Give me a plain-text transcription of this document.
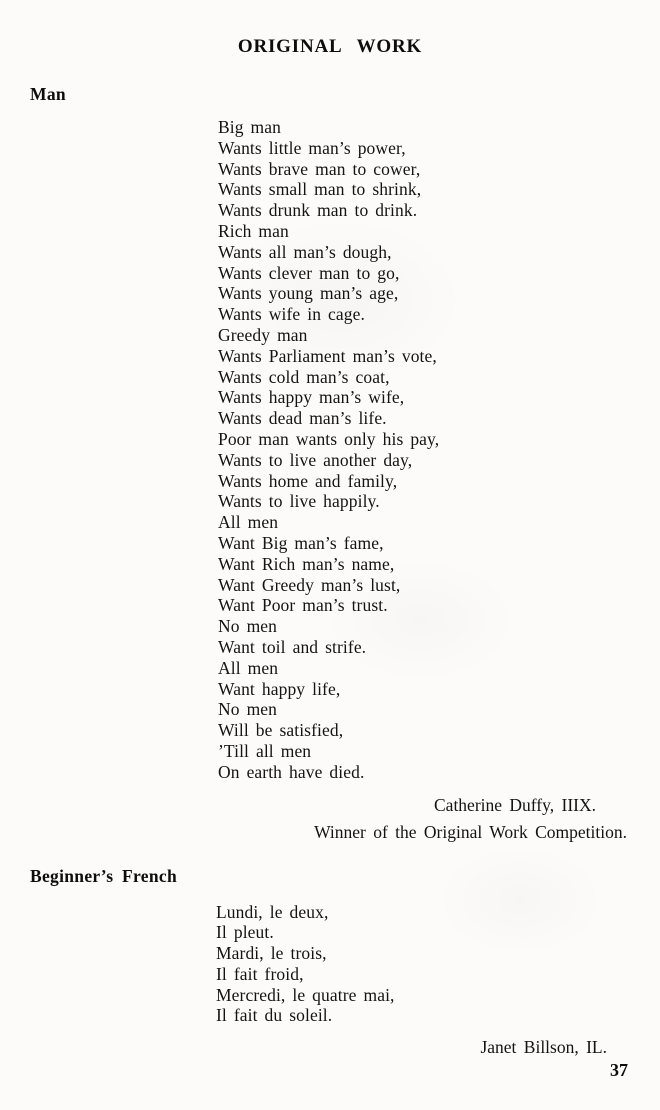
ORIGINAL WORK
Man
Big man
Wants little man’s power,
Wants brave man to cower,
Wants small man to shrink,
Wants drunk man to drink.
Rich man
Wants all man’s dough,
Wants clever man to go,
Wants young man’s age,
Wants wife in cage.
Greedy man
Wants Parliament man’s vote,
Wants cold man’s coat,
Wants happy man’s wife,
Wants dead man’s life.
Poor man wants only his pay,
Wants to live another day,
Wants home and family,
Wants to live happily.
All men
Want Big man’s fame,
Want Rich man’s name,
Want Greedy man’s lust,
Want Poor man’s trust.
No men
Want toil and strife.
All men
Want happy life,
No men
Will be satisfied,
’Till all men
On earth have died.
Catherine Duffy, IIIX.
Winner of the Original Work Competition.
Beginner’s French
Lundi, le deux,
Il pleut.
Mardi, le trois,
Il fait froid,
Mercredi, le quatre mai,
Il fait du soleil.
Janet Billson, IL.
37
